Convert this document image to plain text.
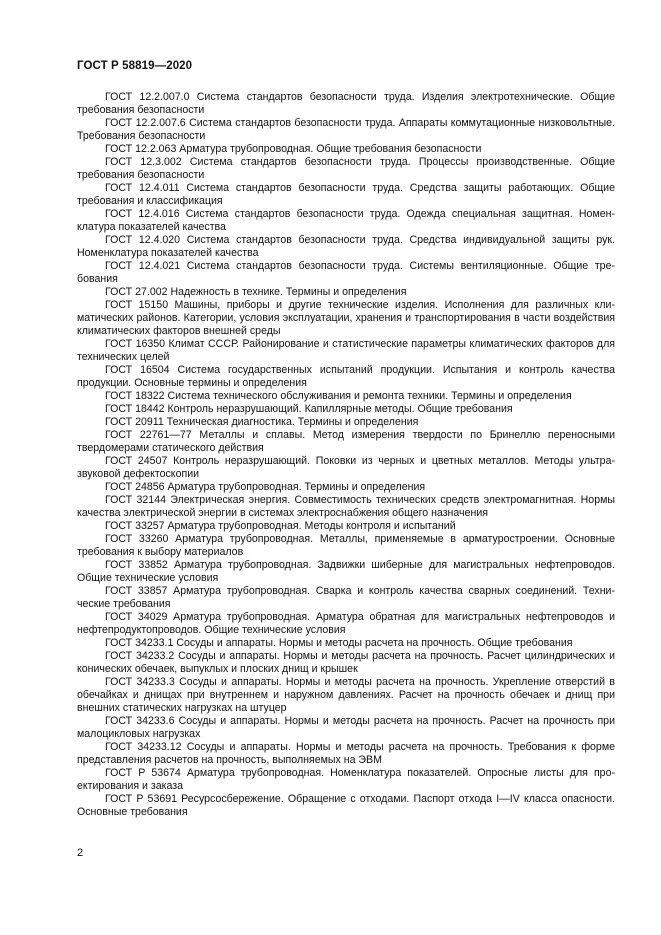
ГОСТ Р 58819—2020

ГОСТ 12.2.007.0 Система стандартов безопасности труда. Изделия электротехнические. Общие требования безопасности

ГОСТ 12.2.007.6 Система стандартов безопасности труда. Аппараты коммутационные низковольтные. Требования безопасности

ГОСТ 12.2.063 Арматура трубопроводная. Общие требования безопасности

ГОСТ 12.3.002 Система стандартов безопасности труда. Процессы производственные. Общие требования безопасности

ГОСТ 12.4.011 Система стандартов безопасности труда. Средства защиты работающих. Общие требования и классификация

ГОСТ 12.4.016 Система стандартов безопасности труда. Одежда специальная защитная. Номенклатура показателей качества

ГОСТ 12.4.020 Система стандартов безопасности труда. Средства индивидуальной защиты рук. Номенклатура показателей качества

ГОСТ 12.4.021 Система стандартов безопасности труда. Системы вентиляционные. Общие требования

ГОСТ 27.002 Надежность в технике. Термины и определения

ГОСТ 15150 Машины, приборы и другие технические изделия. Исполнения для различных климатических районов. Категории, условия эксплуатации, хранения и транспортирования в части воздействия климатических факторов внешней среды

ГОСТ 16350 Климат СССР. Районирование и статистические параметры климатических факторов для технических целей

ГОСТ 16504 Система государственных испытаний продукции. Испытания и контроль качества продукции. Основные термины и определения

ГОСТ 18322 Система технического обслуживания и ремонта техники. Термины и определения

ГОСТ 18442 Контроль неразрушающий. Капиллярные методы. Общие требования

ГОСТ 20911 Техническая диагностика. Термины и определения

ГОСТ 22761—77 Металлы и сплавы. Метод измерения твердости по Бринеллю переносными твердомерами статического действия

ГОСТ 24507 Контроль неразрушающий. Поковки из черных и цветных металлов. Методы ультразвуковой дефектоскопии

ГОСТ 24856 Арматура трубопроводная. Термины и определения

ГОСТ 32144 Электрическая энергия. Совместимость технических средств электромагнитная. Нормы качества электрической энергии в системах электроснабжения общего назначения

ГОСТ 33257 Арматура трубопроводная. Методы контроля и испытаний

ГОСТ 33260 Арматура трубопроводная. Металлы, применяемые в арматуростроении. Основные требования к выбору материалов

ГОСТ 33852 Арматура трубопроводная. Задвижки шиберные для магистральных нефтепроводов. Общие технические условия

ГОСТ 33857 Арматура трубопроводная. Сварка и контроль качества сварных соединений. Технические требования

ГОСТ 34029 Арматура трубопроводная. Арматура обратная для магистральных нефтепроводов и нефтепродуктопроводов. Общие технические условия

ГОСТ 34233.1 Сосуды и аппараты. Нормы и методы расчета на прочность. Общие требования

ГОСТ 34233.2 Сосуды и аппараты. Нормы и методы расчета на прочность. Расчет цилиндрических и конических обечаек, выпуклых и плоских днищ и крышек

ГОСТ 34233.3 Сосуды и аппараты. Нормы и методы расчета на прочность. Укрепление отверстий в обечайках и днищах при внутреннем и наружном давлениях. Расчет на прочность обечаек и днищ при внешних статических нагрузках на штуцер

ГОСТ 34233.6 Сосуды и аппараты. Нормы и методы расчета на прочность. Расчет на прочность при малоцикловых нагрузках

ГОСТ 34233.12 Сосуды и аппараты. Нормы и методы расчета на прочность. Требования к форме представления расчетов на прочность, выполняемых на ЭВМ

ГОСТ Р 53674 Арматура трубопроводная. Номенклатура показателей. Опросные листы для проектирования и заказа

ГОСТ Р 53691 Ресурсосбережение. Обращение с отходами. Паспорт отхода I—IV класса опасности. Основные требования

2
